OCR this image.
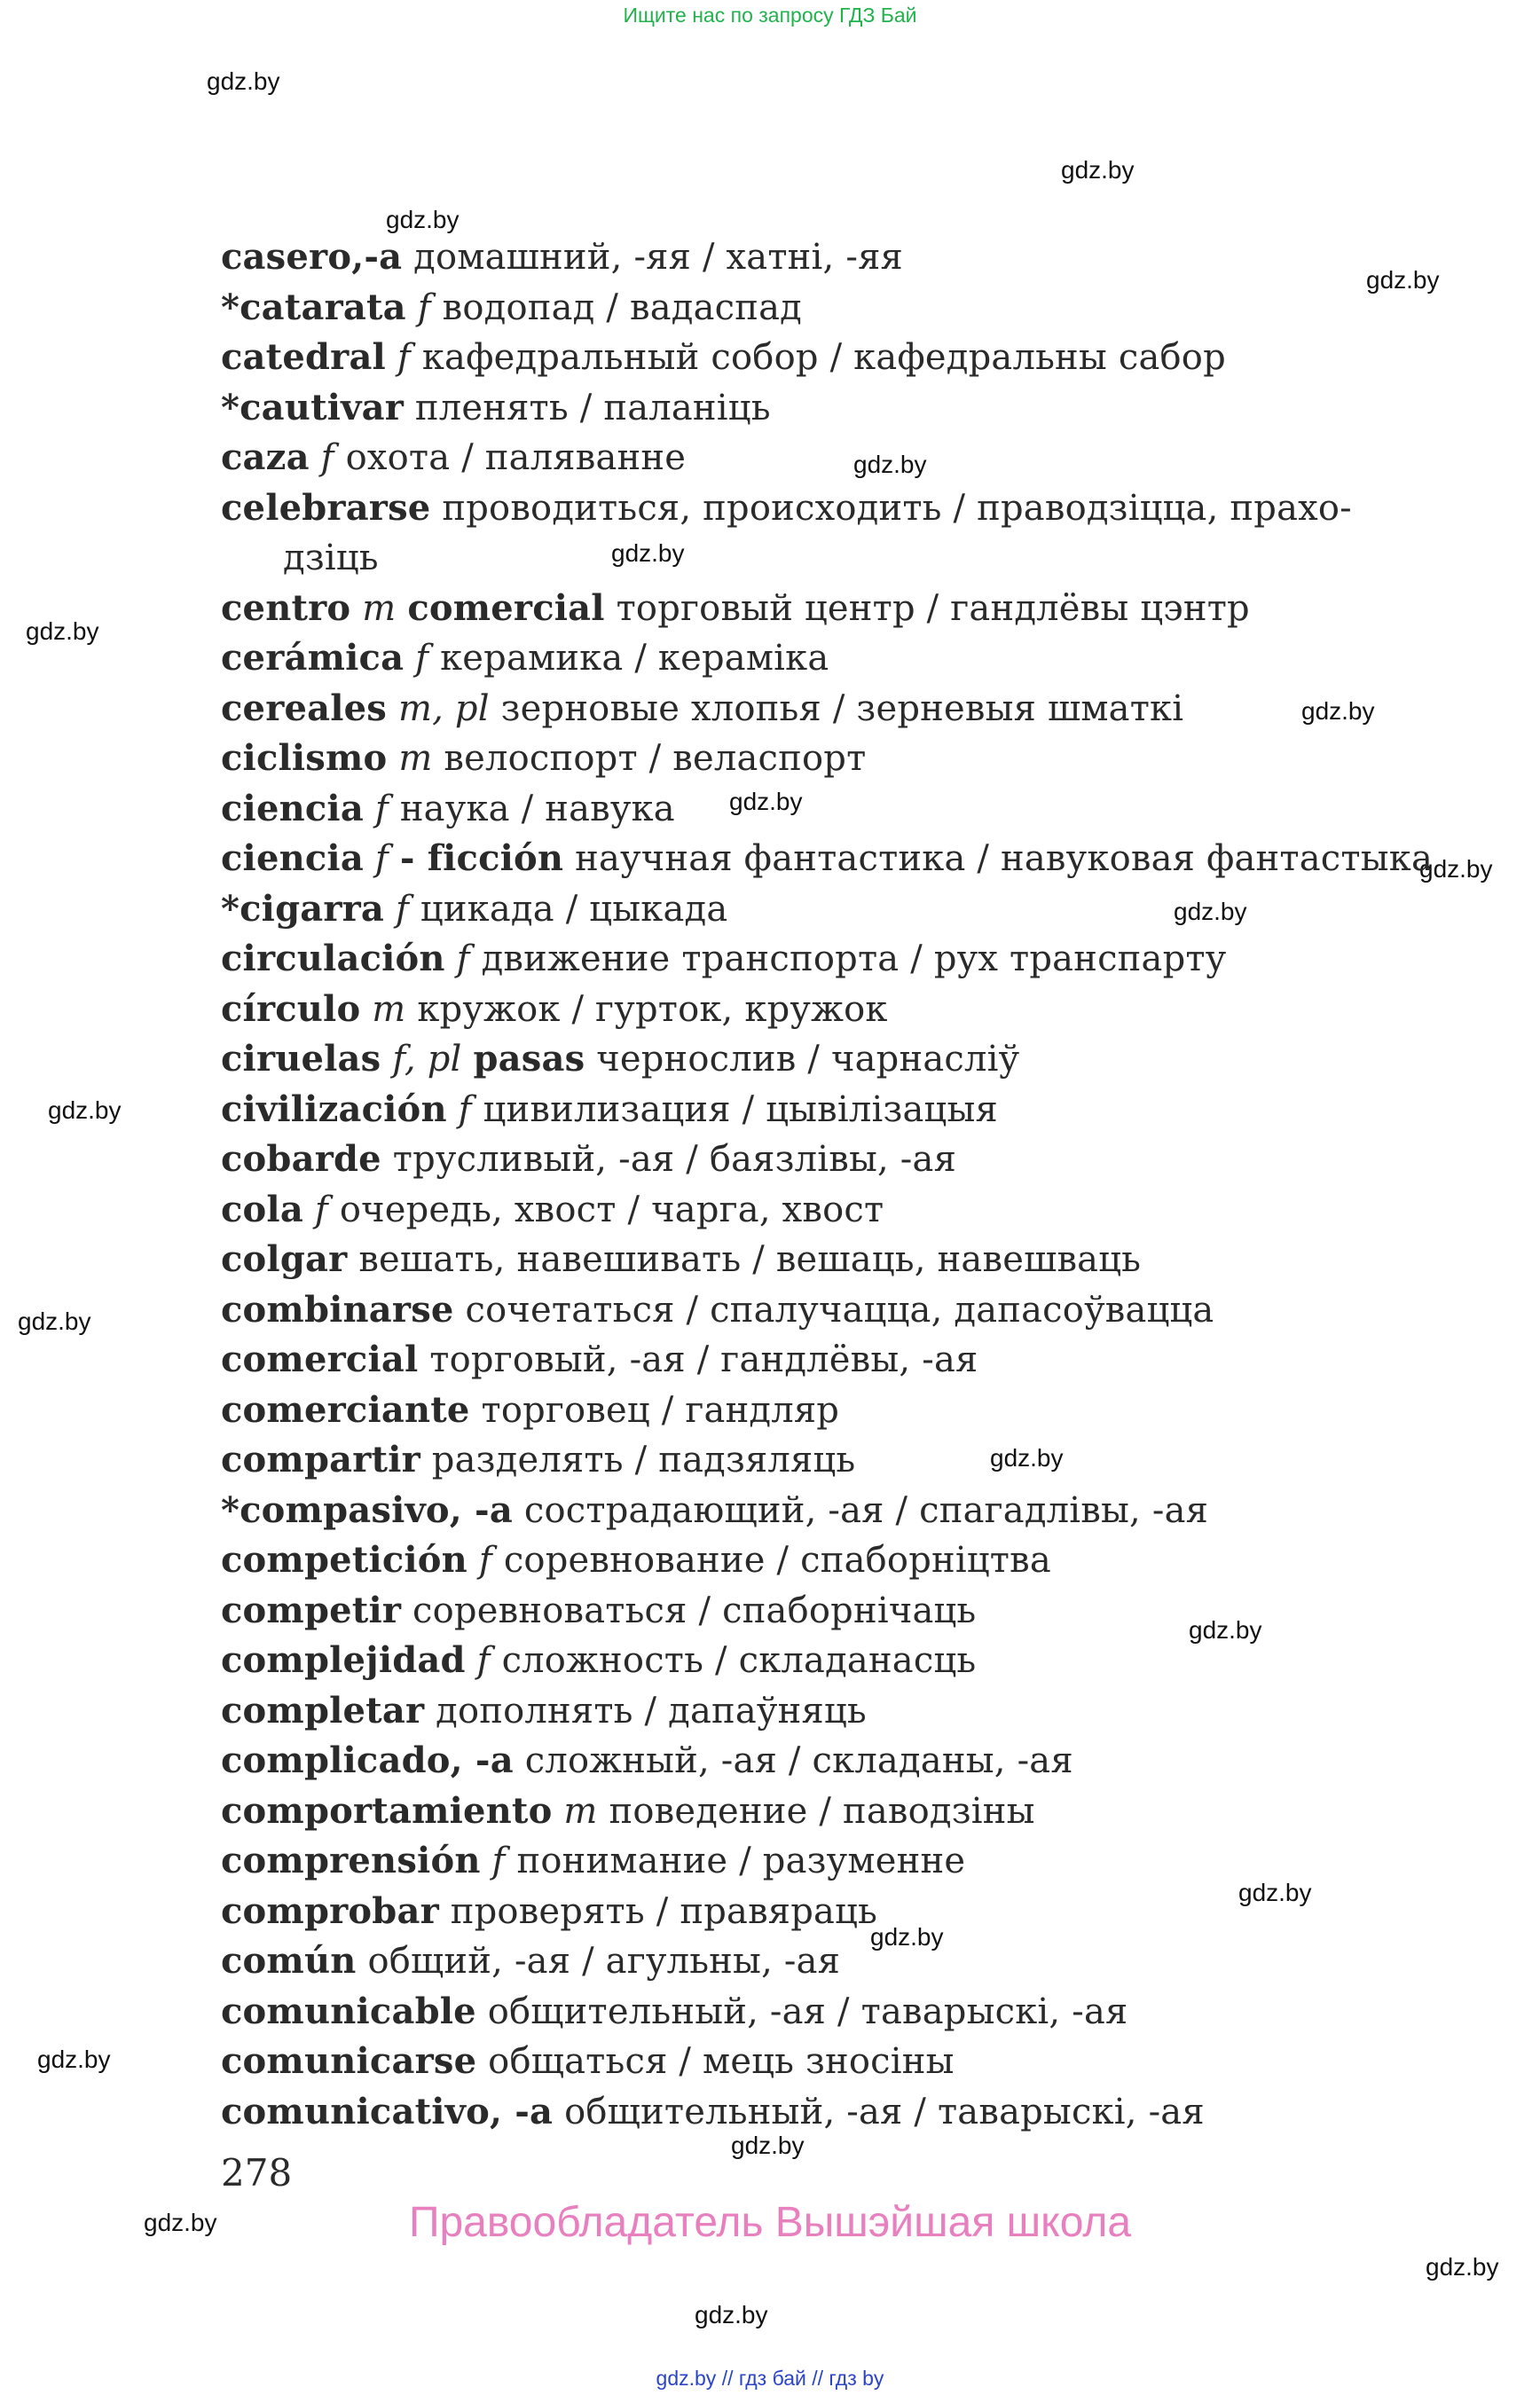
Ищите нас по запросу ГДЗ Бай
gdz.by
gdz.by
gdz.by
gdz.by
gdz.by
gdz.by
gdz.by
gdz.by
gdz.by
gdz.by
gdz.by
gdz.by
gdz.by
gdz.by
gdz.by
gdz.by
gdz.by
gdz.by
gdz.by
gdz.by
gdz.by
gdz.by
casero,-a домашний, -яя / хатні, -яя
*catarata f водопад / вадаспад
catedral f кафедральный собор / кафедральны сабор
*cautivar пленять / паланіць
caza f охота / паляванне
celebrarse проводиться, происходить / праводзіцца, прахо-
дзіць
centro m comercial торговый центр / гандлёвы цэнтр
cerámica f керамика / кераміка
cereales m, pl зерновые хлопья / зерневыя шматкі
ciclismo m велоспорт / веласпорт
ciencia f наука / навука
ciencia f - ficción научная фантастика / навуковая фантастыка
*cigarra f цикада / цыкада
circulación f движение транспорта / рух транспарту
círculo m кружок / гурток, кружок
ciruelas f, pl pasas чернослив / чарнасліў
civilización f цивилизация / цывілізацыя
cobarde трусливый, -ая / баязлівы, -ая
cola f очередь, хвост / чарга, хвост
colgar вешать, навешивать / вешаць, навешваць
combinarse сочетаться / спалучацца, дапасоўвацца
comercial торговый, -ая / гандлёвы, -ая
comerciante торговец / гандляр
compartir разделять / падзяляць
*compasivo, -a сострадающий, -ая / спагадлівы, -ая
competición f соревнование / спаборніцтва
competir соревноваться / спаборнічаць
complejidad f сложность / складанасць
completar дополнять / дапаўняць
complicado, -a сложный, -ая / складаны, -ая
comportamiento m поведение / паводзіны
comprensión f понимание / разуменне
comprobar проверять / правяраць
común общий, -ая / агульны, -ая
comunicable общительный, -ая / таварыскі, -ая
comunicarse общаться / мець зносіны
comunicativo, -a общительный, -ая / таварыскі, -ая
278
Правообладатель Вышэйшая школа
gdz.by // гдз бай // гдз by
